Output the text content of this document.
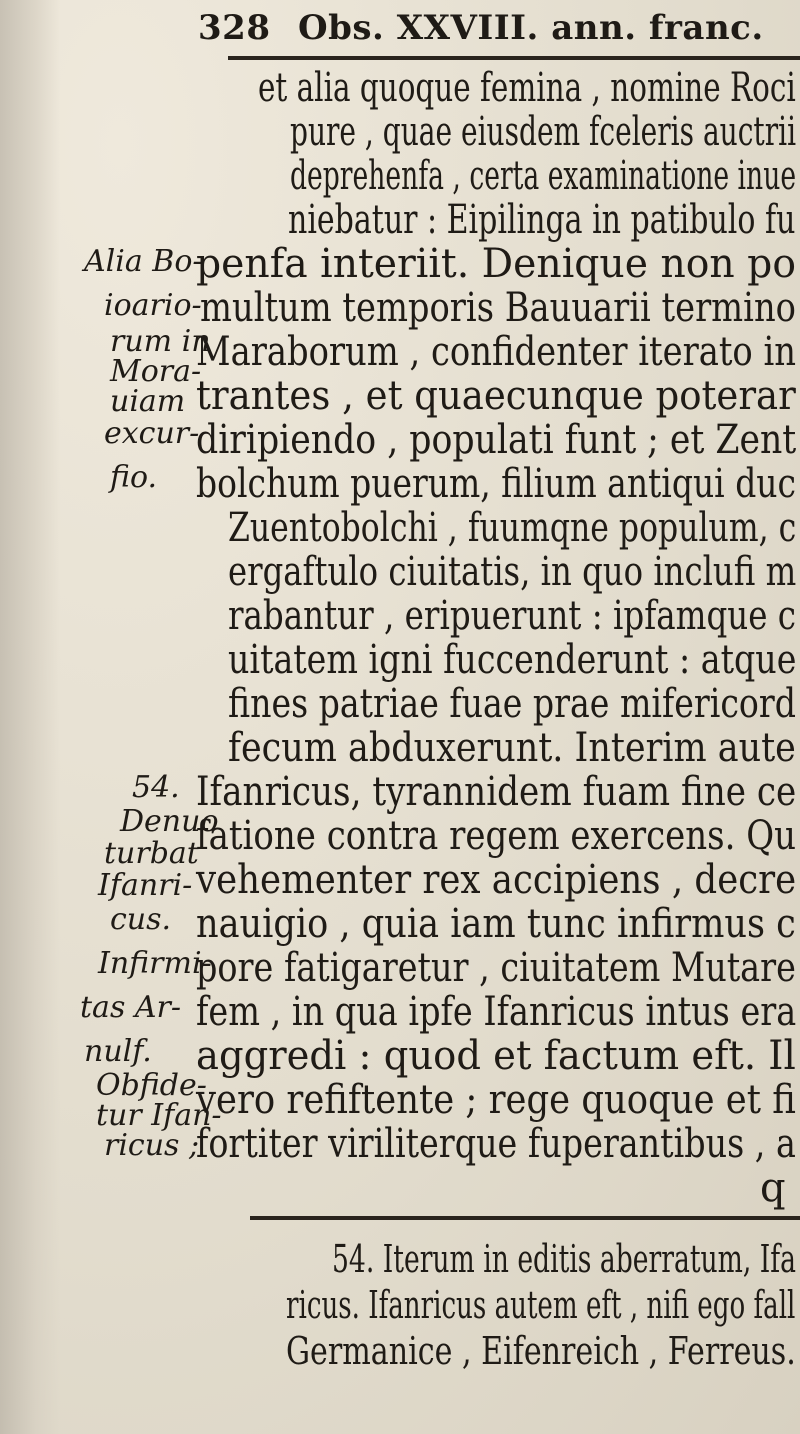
328 Obs. XXVIII. ann. franc.
et alia quoque femina , nomine Roci
pure , quae eiusdem fceleris auctrii
deprehenfa , certa examinatione inue
niebatur : Eipilinga in patibulo fu
penfa interiit. Denique non po
multum temporis Bauuarii termino
Maraborum , confidenter iterato in
trantes , et quaecunque poterar
diripiendo , populati funt ; et Zent
bolchum puerum, filium antiqui duc
Zuentobolchi , fuumqne populum, c
ergaftulo ciuitatis, in quo inclufi m
rabantur , eripuerunt : ipfamque c
uitatem igni fuccenderunt : atque
fines patriae fuae prae mifericord
fecum abduxerunt. Interim aute
Ifanricus, tyrannidem fuam fine ce
fatione contra regem exercens. Qu
vehementer rex accipiens , decre
nauigio , quia iam tunc infirmus c
pore fatigaretur , ciuitatem Mutare
fem , in qua ipfe Ifanricus intus era
aggredi : quod et factum eft. Il
vero refiftente ; rege quoque et fi
fortiter viriliterque fuperantibus , a
q
Alia Bo-
ioario-
rum in
Mora-
uiam
excur-
fio.
54.
Denuo
turbat
Ifanri-
cus.
Infirmi-
tas Ar-
nulf.
Obfide-
tur Ifan-
ricus ;
54. Iterum in editis aberratum, Ifa
ricus. Ifanricus autem eft , nifi ego fall
Germanice , Eifenreich , Ferreus.
